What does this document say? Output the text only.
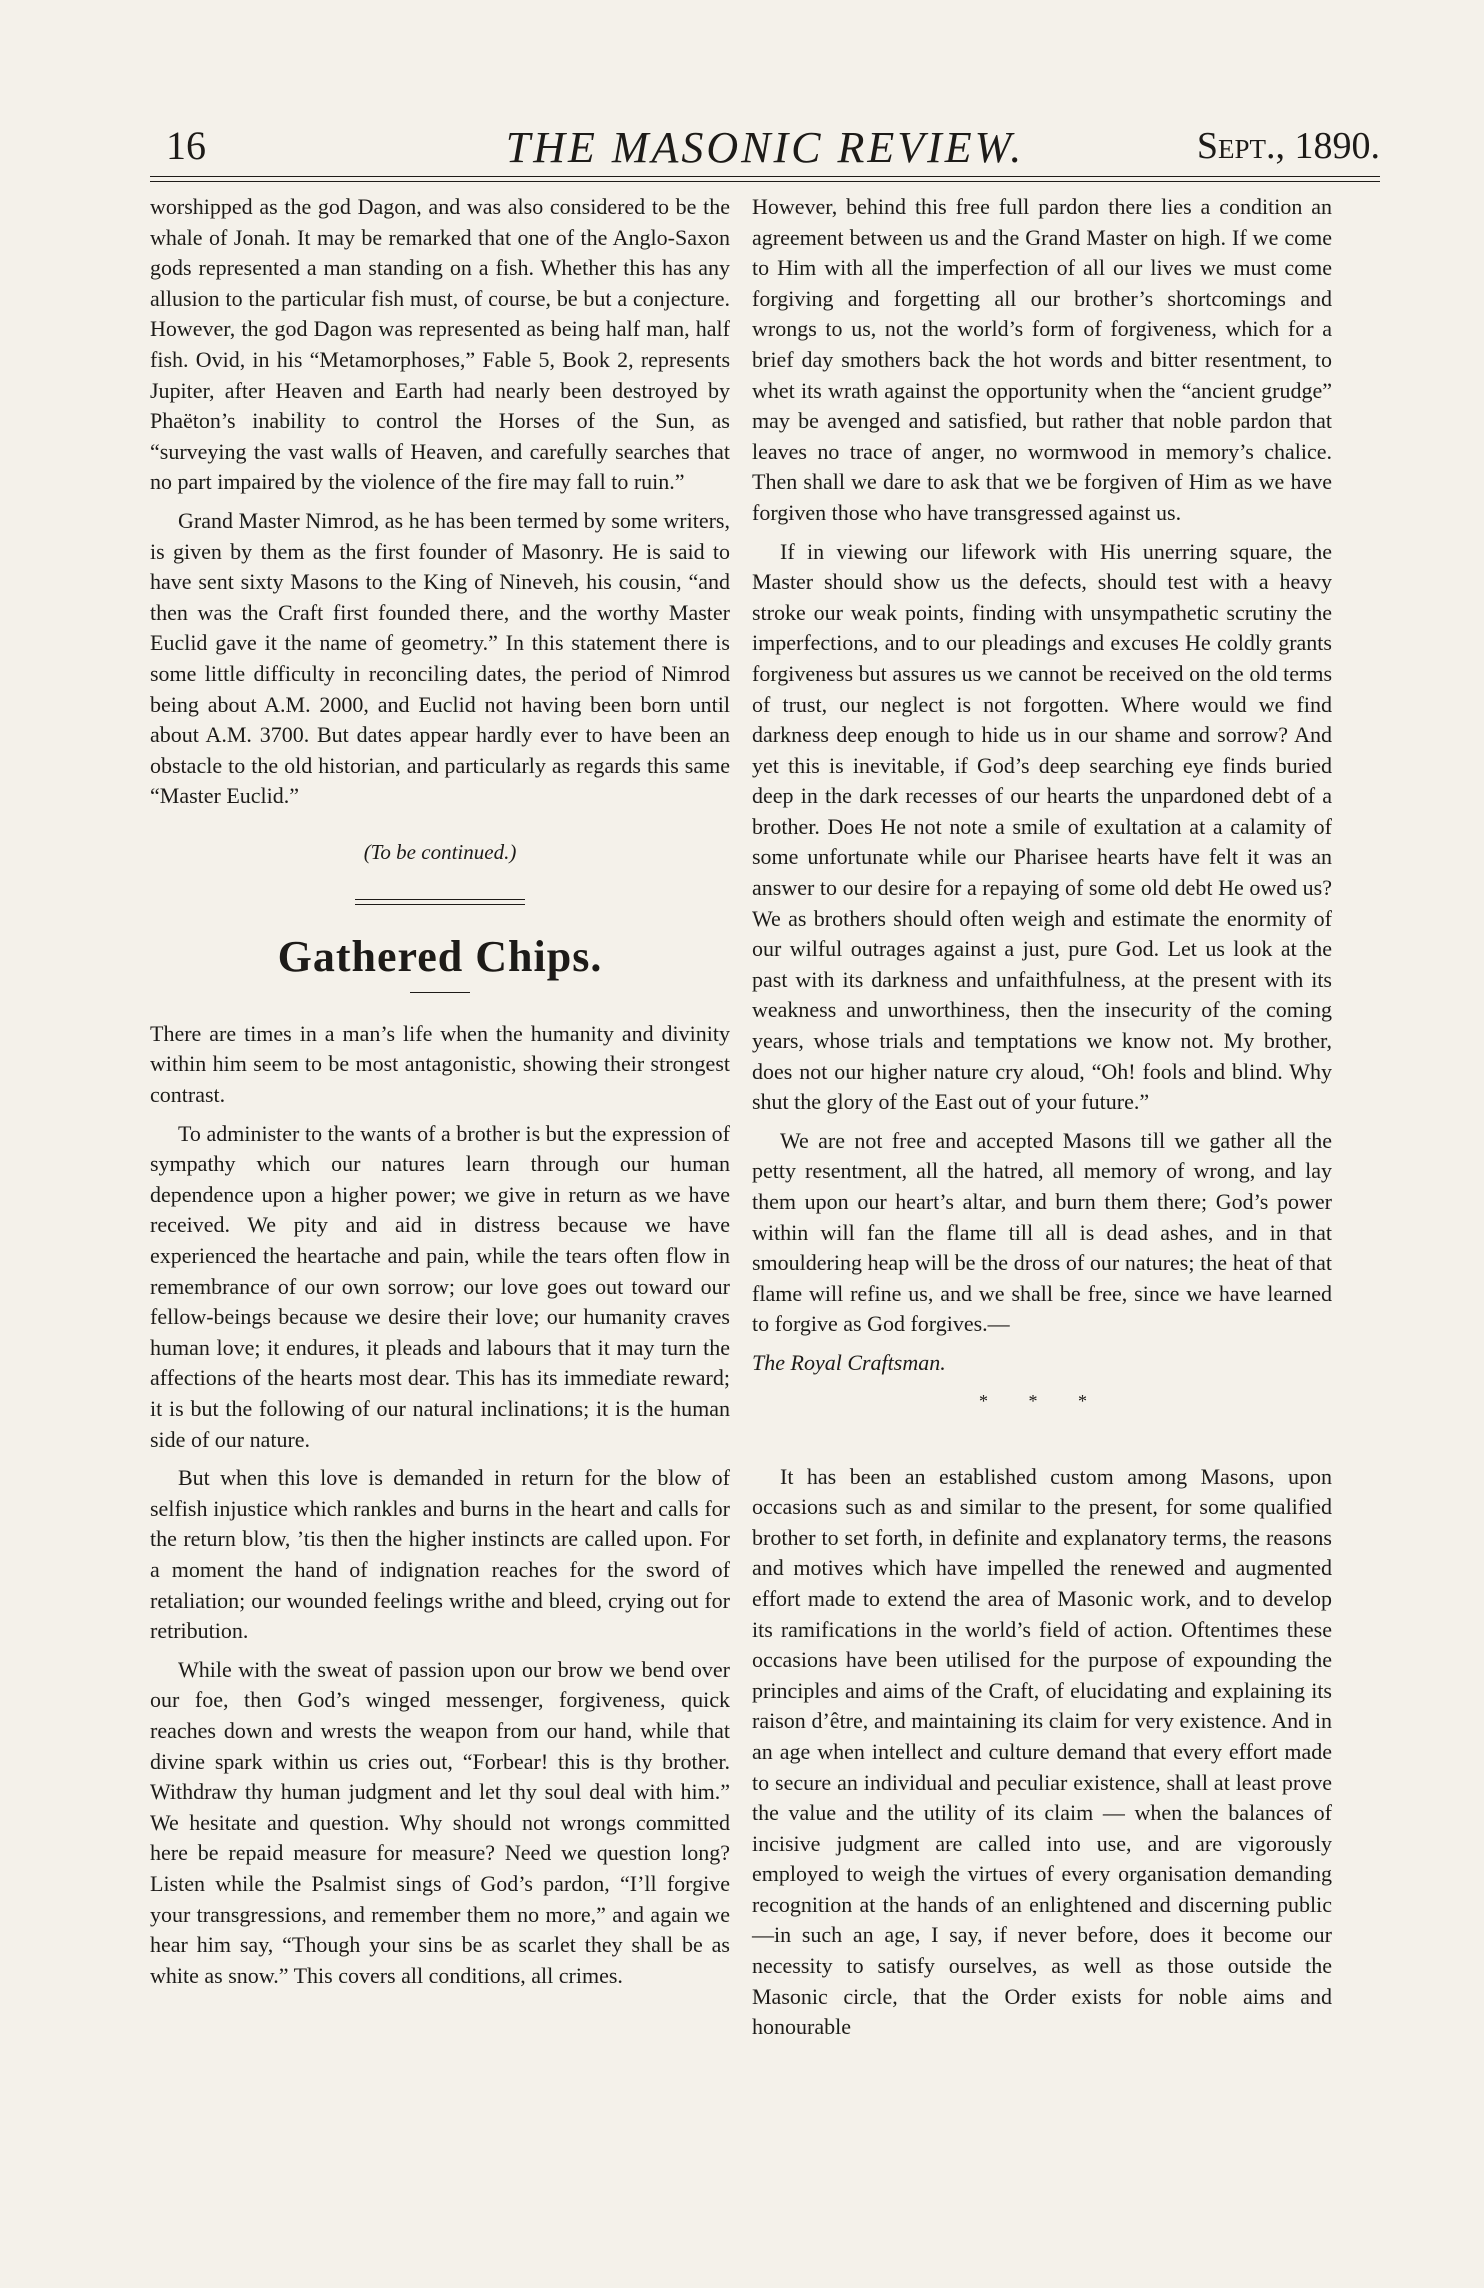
16	THE MASONIC REVIEW.	Sept., 1890.

worshipped as the god Dagon, and was also considered to be the whale of Jonah. It may be remarked that one of the Anglo-Saxon gods represented a man standing on a fish. Whether this has any allusion to the particular fish must, of course, be but a conjecture. However, the god Dagon was represented as being half man, half fish. Ovid, in his “Metamorphoses,” Fable 5, Book 2, represents Jupiter, after Heaven and Earth had nearly been destroyed by Phaëton’s inability to control the Horses of the Sun, as “surveying the vast walls of Heaven, and carefully searches that no part impaired by the violence of the fire may fall to ruin.”

Grand Master Nimrod, as he has been termed by some writers, is given by them as the first founder of Masonry. He is said to have sent sixty Masons to the King of Nineveh, his cousin, “and then was the Craft first founded there, and the worthy Master Euclid gave it the name of geometry.” In this statement there is some little difficulty in reconciling dates, the period of Nimrod being about A.M. 2000, and Euclid not having been born until about A.M. 3700. But dates appear hardly ever to have been an obstacle to the old historian, and particularly as regards this same “Master Euclid.”

(To be continued.)
Gathered Chips.

There are times in a man’s life when the humanity and divinity within him seem to be most antagonistic, showing their strongest contrast.

To administer to the wants of a brother is but the expression of sympathy which our natures learn through our human dependence upon a higher power; we give in return as we have received. We pity and aid in distress because we have experienced the heartache and pain, while the tears often flow in remembrance of our own sorrow; our love goes out toward our fellow-beings because we desire their love; our humanity craves human love; it endures, it pleads and labours that it may turn the affections of the hearts most dear. This has its immediate reward; it is but the following of our natural inclinations; it is the human side of our nature.

But when this love is demanded in return for the blow of selfish injustice which rankles and burns in the heart and calls for the return blow, ’tis then the higher instincts are called upon. For a moment the hand of indignation reaches for the sword of retaliation; our wounded feelings writhe and bleed, crying out for retribution.

While with the sweat of passion upon our brow we bend over our foe, then God’s winged messenger, forgiveness, quick reaches down and wrests the weapon from our hand, while that divine spark within us cries out, “Forbear! this is thy brother. Withdraw thy human judgment and let thy soul deal with him.” We hesitate and question. Why should not wrongs committed here be repaid measure for measure? Need we question long? Listen while the Psalmist sings of God’s pardon, “I’ll forgive your transgressions, and remember them no more,” and again we hear him say, “Though your sins be as scarlet they shall be as white as snow.” This covers all conditions, all crimes.

However, behind this free full pardon there lies a condition an agreement between us and the Grand Master on high. If we come to Him with all the imperfection of all our lives we must come forgiving and forgetting all our brother’s shortcomings and wrongs to us, not the world’s form of forgiveness, which for a brief day smothers back the hot words and bitter resentment, to whet its wrath against the opportunity when the “ancient grudge” may be avenged and satisfied, but rather that noble pardon that leaves no trace of anger, no wormwood in memory’s chalice. Then shall we dare to ask that we be forgiven of Him as we have forgiven those who have transgressed against us.

If in viewing our lifework with His unerring square, the Master should show us the defects, should test with a heavy stroke our weak points, finding with unsympathetic scrutiny the imperfections, and to our pleadings and excuses He coldly grants forgiveness but assures us we cannot be received on the old terms of trust, our neglect is not forgotten. Where would we find darkness deep enough to hide us in our shame and sorrow? And yet this is inevitable, if God’s deep searching eye finds buried deep in the dark recesses of our hearts the unpardoned debt of a brother. Does He not note a smile of exultation at a calamity of some unfortunate while our Pharisee hearts have felt it was an answer to our desire for a repaying of some old debt He owed us? We as brothers should often weigh and estimate the enormity of our wilful outrages against a just, pure God. Let us look at the past with its darkness and unfaithfulness, at the present with its weakness and unworthiness, then the insecurity of the coming years, whose trials and temptations we know not. My brother, does not our higher nature cry aloud, “Oh! fools and blind. Why shut the glory of the East out of your future.”

We are not free and accepted Masons till we gather all the petty resentment, all the hatred, all memory of wrong, and lay them upon our heart’s altar, and burn them there; God’s power within will fan the flame till all is dead ashes, and in that smouldering heap will be the dross of our natures; the heat of that flame will refine us, and we shall be free, since we have learned to forgive as God forgives.—

The Royal Craftsman.

* * *

It has been an established custom among Masons, upon occasions such as and similar to the present, for some qualified brother to set forth, in definite and explanatory terms, the reasons and motives which have impelled the renewed and augmented effort made to extend the area of Masonic work, and to develop its ramifications in the world’s field of action. Oftentimes these occasions have been utilised for the purpose of expounding the principles and aims of the Craft, of elucidating and explaining its raison d’être, and maintaining its claim for very existence. And in an age when intellect and culture demand that every effort made to secure an individual and peculiar existence, shall at least prove the value and the utility of its claim — when the balances of incisive judgment are called into use, and are vigorously employed to weigh the virtues of every organisation demanding recognition at the hands of an enlightened and discerning public—in such an age, I say, if never before, does it become our necessity to satisfy ourselves, as well as those outside the Masonic circle, that the Order exists for noble aims and honourable
